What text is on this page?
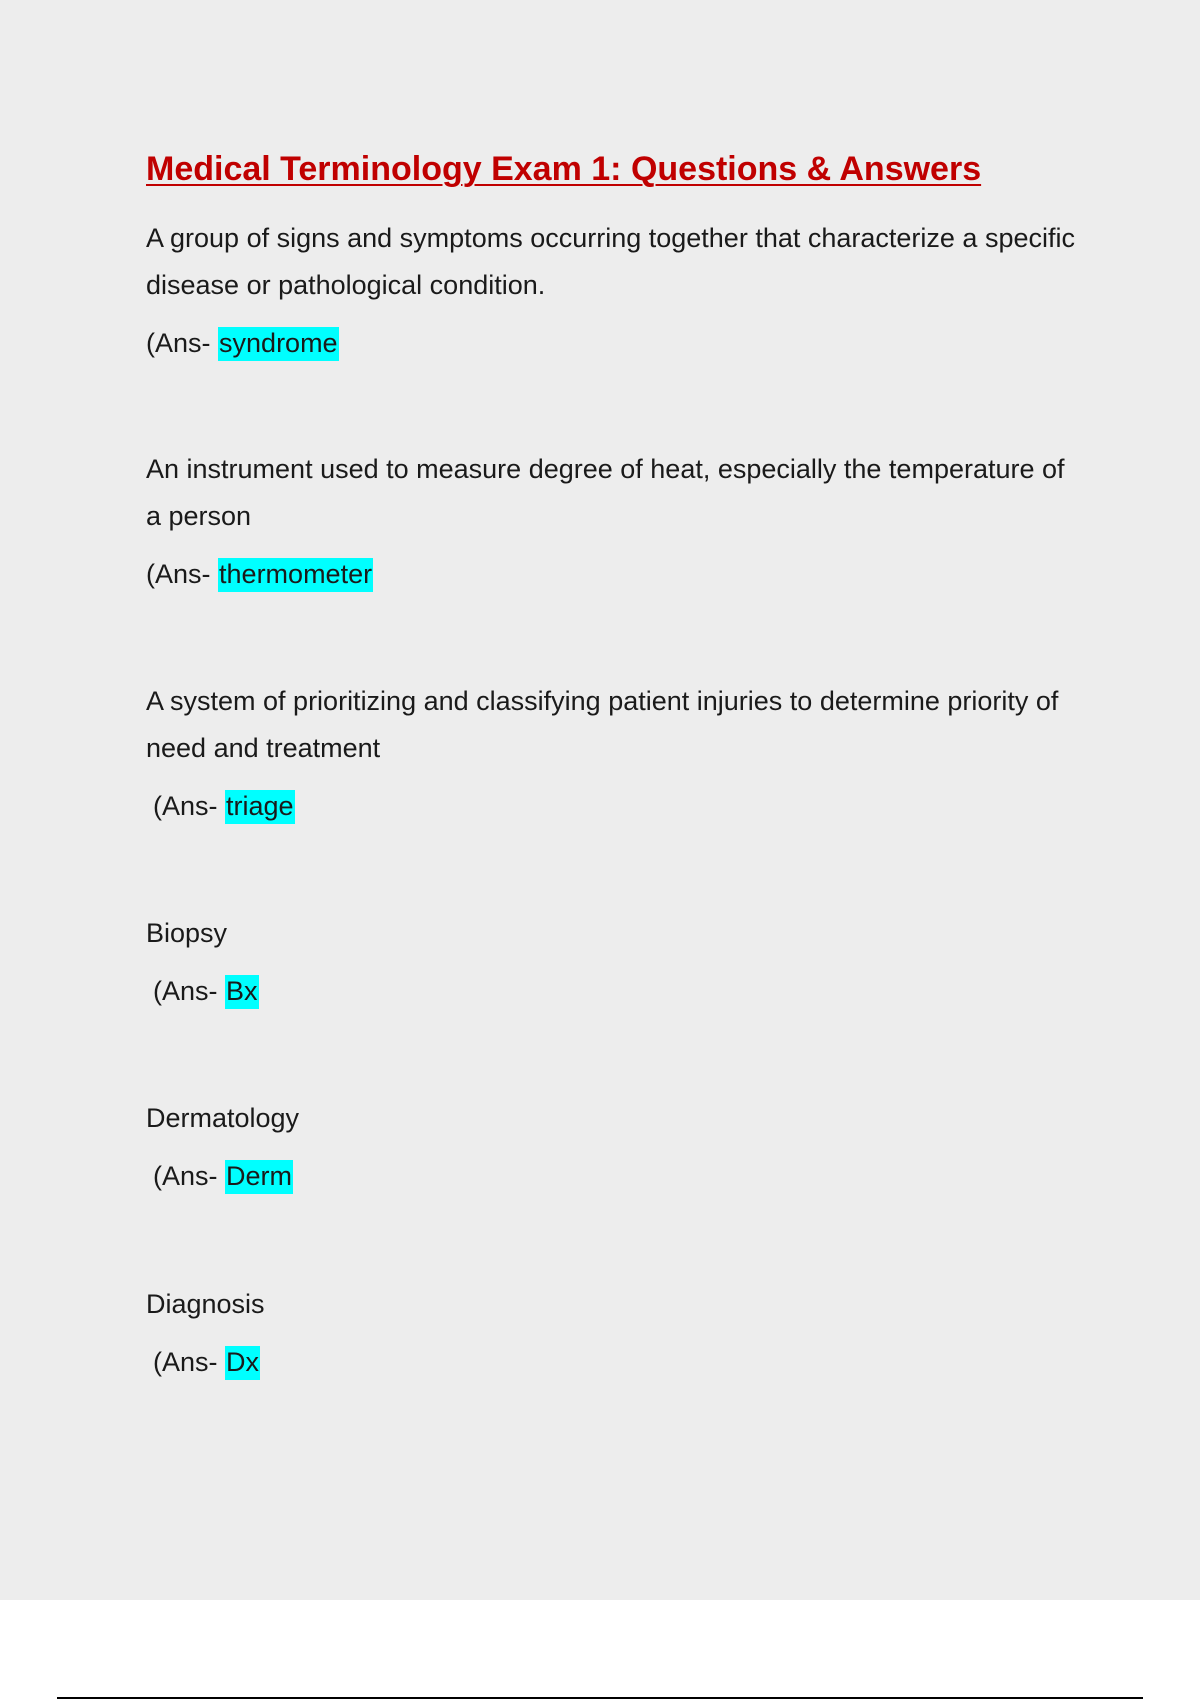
Medical Terminology Exam 1: Questions & Answers

A group of signs and symptoms occurring together that characterize a specific disease or pathological condition.

(Ans- syndrome

An instrument used to measure degree of heat, especially the temperature of a person

(Ans- thermometer

A system of prioritizing and classifying patient injuries to determine priority of need and treatment

(Ans- triage

Biopsy

(Ans- Bx

Dermatology

(Ans- Derm

Diagnosis

(Ans- Dx
